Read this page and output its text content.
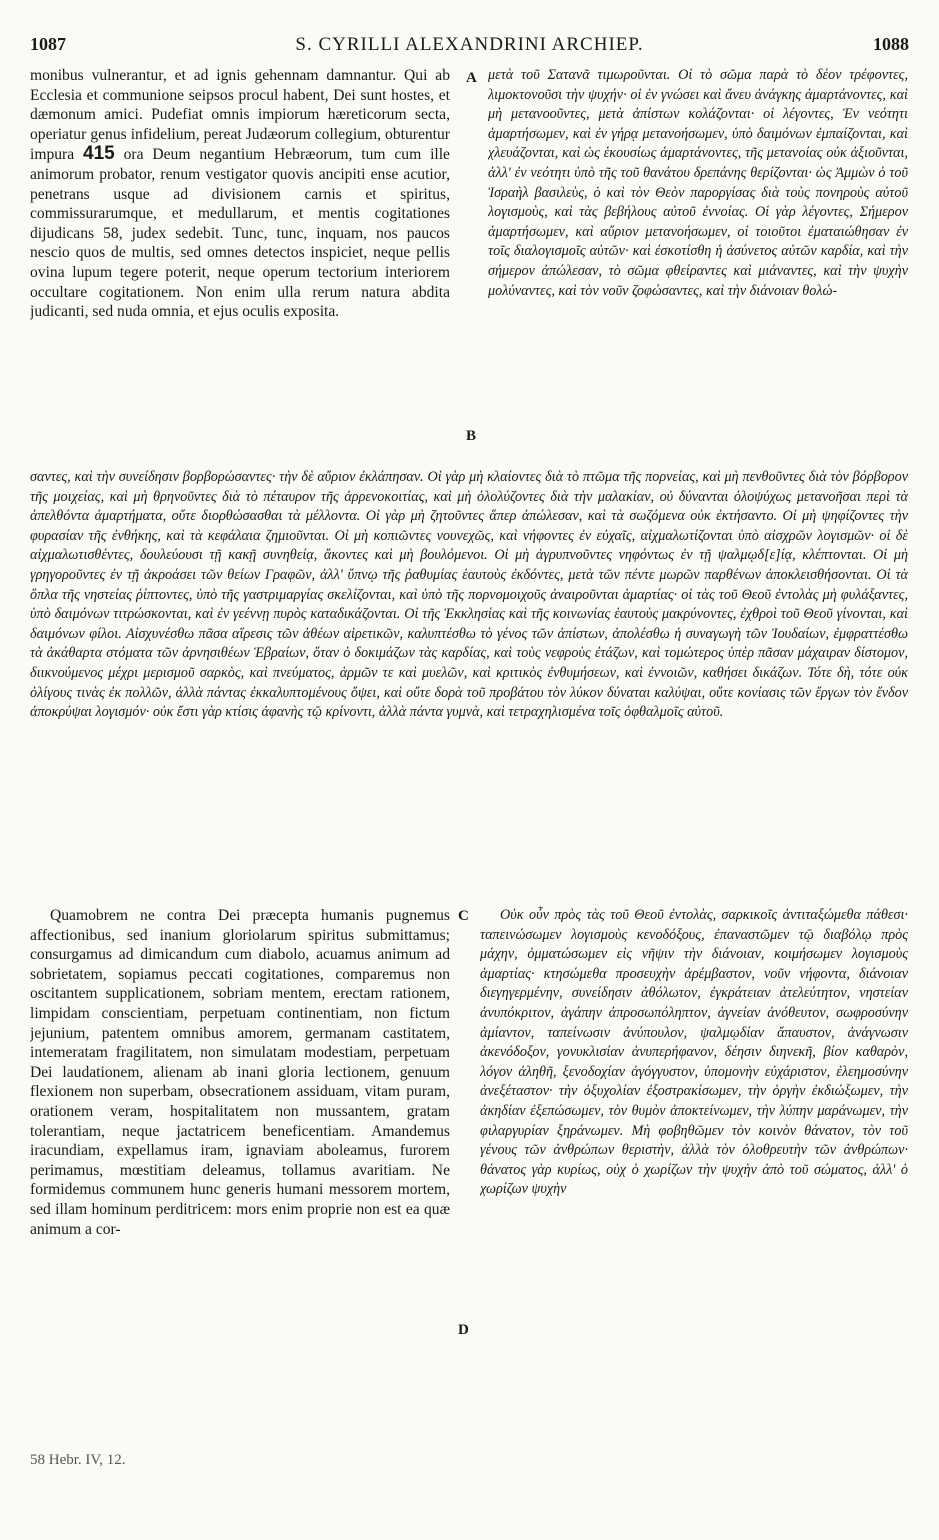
1087	S. CYRILLI ALEXANDRINI ARCHIEP.	1088

monibus vulnerantur, et ad ignis gehennam damnantur. Qui ab Ecclesia et communione seipsos procul habent, Dei sunt hostes, et dæmonum amici. Pudefiat omnis impiorum hæreticorum secta, operiatur genus infidelium, pereat Judæorum collegium, obturentur impura 415 ora Deum negantium Hebræorum, tum cum ille animorum probator, renum vestigator quovis ancipiti ense acutior, penetrans usque ad divisionem carnis et spiritus, commissurarumque, et medullarum, et mentis cogitationes dijudicans 58, judex sedebit. Tunc, tunc, inquam, nos paucos nescio quos de multis, sed omnes detectos inspiciet, neque pellis ovina lupum tegere poterit, neque operum tectorium interiorem occultare cogitationem. Non enim ulla rerum natura abdita judicanti, sed nuda omnia, et ejus oculis exposita.

A
B

μετὰ τοῦ Σατανᾶ τιμωροῦνται. Οἱ τὸ σῶμα παρὰ τὸ δέον τρέφοντες, λιμοκτονοῦσι τὴν ψυχήν· οἱ ἐν γνώσει καὶ ἄνευ ἀνάγκης ἁμαρτάνοντες, καὶ μὴ μετανοοῦντες, μετὰ ἀπίστων κολάζονται· οἱ λέγοντες, Ἐν νεότητι ἁμαρτήσωμεν, καὶ ἐν γήρᾳ μετανοήσωμεν, ὑπὸ δαιμόνων ἐμπαίζονται, καὶ χλευάζονται, καὶ ὡς ἑκουσίως ἁμαρτάνοντες, τῆς μετανοίας οὐκ ἀξιοῦνται, ἀλλ' ἐν νεότητι ὑπὸ τῆς τοῦ θανάτου δρεπάνης θερίζονται· ὡς Ἀμμὼν ὁ τοῦ Ἰσραὴλ βασιλεὺς, ὁ καὶ τὸν Θεὸν παροργίσας διὰ τοὺς πονηροὺς αὐτοῦ λογισμοὺς, καὶ τὰς βεβήλους αὐτοῦ ἐννοίας. Οἱ γὰρ λέγοντες, Σήμερον ἁμαρτήσωμεν, καὶ αὔριον μετανοήσωμεν, οἱ τοιοῦτοι ἐματαιώθησαν ἐν τοῖς διαλογισμοῖς αὐτῶν· καὶ ἐσκοτίσθη ἡ ἀσύνετος αὐτῶν καρδία, καὶ τὴν σήμερον ἀπώλεσαν, τὸ σῶμα φθείραντες καὶ μιάναντες, καὶ τὴν ψυχὴν μολύναντες, καὶ τὸν νοῦν ζοφώσαντες, καὶ τὴν διάνοιαν θολώ-

σαντες, καὶ τὴν συνείδησιν βορβορώσαντες· τὴν δὲ αὔριον ἐκλάπησαν. Οἱ γὰρ μὴ κλαίοντες διὰ τὸ πτῶμα τῆς πορνείας, καὶ μὴ πενθοῦντες διὰ τὸν βόρβορον τῆς μοιχείας, καὶ μὴ θρηνοῦντες διὰ τὸ πέταυρον τῆς ἀρρενοκοιτίας, καὶ μὴ ὀλολύζοντες διὰ τὴν μαλακίαν, οὐ δύνανται ὀλοψύχως μετανοῆσαι περὶ τὰ ἀπελθόντα ἁμαρτήματα, οὔτε διορθώσασθαι τὰ μέλλοντα. Οἱ γὰρ μὴ ζητοῦντες ἅπερ ἀπώλεσαν, καὶ τὰ σωζόμενα οὐκ ἐκτήσαντο. Οἱ μὴ ψηφίζοντες τὴν φυρασίαν τῆς ἐνθήκης, καὶ τὰ κεφάλαια ζημιοῦνται. Οἱ μὴ κοπιῶντες νουνεχῶς, καὶ νήφοντες ἐν εὐχαῖς, αἰχμαλωτίζονται ὑπὸ αἰσχρῶν λογισμῶν· οἱ δὲ αἰχμαλωτισθέντες, δουλεύουσι τῇ κακῇ συνηθείᾳ, ἄκοντες καὶ μὴ βουλόμενοι. Οἱ μὴ ἀγρυπνοῦντες νηφόντως ἐν τῇ ψαλμῳδ[ε]ίᾳ, κλέπτονται. Οἱ μὴ γρηγοροῦντες ἐν τῇ ἀκροάσει τῶν θείων Γραφῶν, ἀλλ' ὕπνῳ τῆς ῥαθυμίας ἑαυτοὺς ἐκδόντες, μετὰ τῶν πέντε μωρῶν παρθένων ἀποκλεισθήσονται. Οἱ τὰ ὅπλα τῆς νηστείας ῥίπτοντες, ὑπὸ τῆς γαστριμαργίας σκελίζονται, καὶ ὑπὸ τῆς πορνομοιχοῦς ἀναιροῦνται ἁμαρτίας· οἱ τὰς τοῦ Θεοῦ ἐντολὰς μὴ φυλάξαντες, ὑπὸ δαιμόνων τιτρώσκονται, καὶ ἐν γεέννῃ πυρὸς καταδικάζονται. Οἱ τῆς Ἐκκλησίας καὶ τῆς κοινωνίας ἑαυτοὺς μακρύνοντες, ἐχθροὶ τοῦ Θεοῦ γίνονται, καὶ δαιμόνων φίλοι. Αἰσχυνέσθω πᾶσα αἵρεσις τῶν ἀθέων αἱρετικῶν, καλυπτέσθω τὸ γένος τῶν ἀπίστων, ἀπολέσθω ἡ συναγωγὴ τῶν Ἰουδαίων, ἐμφραττέσθω τὰ ἀκάθαρτα στόματα τῶν ἀρνησιθέων Ἑβραίων, ὅταν ὁ δοκιμάζων τὰς καρδίας, καὶ τοὺς νεφροὺς ἐτάζων, καὶ τομώτερος ὑπὲρ πᾶσαν μάχαιραν δίστομον, διικνούμενος μέχρι μερισμοῦ σαρκὸς, καὶ πνεύματος, ἁρμῶν τε καὶ μυελῶν, καὶ κριτικὸς ἐνθυμήσεων, καὶ ἐννοιῶν, καθήσει δικάζων. Τότε δὴ, τότε οὐκ ὀλίγους τινὰς ἐκ πολλῶν, ἀλλὰ πάντας ἐκκαλυπτομένους ὄψει, καὶ οὔτε δορὰ τοῦ προβάτου τὸν λύκον δύναται καλύψαι, οὔτε κονίασις τῶν ἔργων τὸν ἔνδον ἀποκρύψαι λογισμόν· οὐκ ἔστι γὰρ κτίσις ἀφανὴς τῷ κρίνοντι, ἀλλὰ πάντα γυμνὰ, καὶ τετραχηλισμένα τοῖς ὀφθαλμοῖς αὐτοῦ.

Quamobrem ne contra Dei præcepta humanis pugnemus affectionibus, sed inanium gloriolarum spiritus submittamus; consurgamus ad dimicandum cum diabolo, acuamus animum ad sobrietatem, sopiamus peccati cogitationes, comparemus non oscitantem supplicationem, sobriam mentem, erectam rationem, limpidam conscientiam, perpetuam continentiam, non fictum jejunium, patentem omnibus amorem, germanam castitatem, intemeratam fragilitatem, non simulatam modestiam, perpetuam Dei laudationem, alienam ab inani gloria lectionem, genuum flexionem non superbam, obsecrationem assiduam, vitam puram, orationem veram, hospitalitatem non mussantem, gratam tolerantiam, neque jactatricem beneficentiam. Amandemus iracundiam, expellamus iram, ignaviam aboleamus, furorem perimamus, mœstitiam deleamus, tollamus avaritiam. Ne formidemus communem hunc generis humani messorem mortem, sed illam hominum perditricem: mors enim proprie non est ea quæ animum a cor-

C
D

Οὐκ οὖν πρὸς τὰς τοῦ Θεοῦ ἐντολὰς, σαρκικοῖς ἀντιταξώμεθα πάθεσι· ταπεινώσωμεν λογισμοὺς κενοδόξους, ἐπαναστῶμεν τῷ διαβόλῳ πρὸς μάχην, ὀμματώσωμεν εἰς νῆψιν τὴν διάνοιαν, κοιμήσωμεν λογισμοὺς ἁμαρτίας· κτησώμεθα προσευχὴν ἀρέμβαστον, νοῦν νήφοντα, διάνοιαν διεγηγερμένην, συνείδησιν ἀθόλωτον, ἐγκράτειαν ἀτελεύτητον, νηστείαν ἀνυπόκριτον, ἀγάπην ἀπροσωπόληπτον, ἁγνείαν ἀνόθευτον, σωφροσύνην ἀμίαντον, ταπείνωσιν ἀνύπουλον, ψαλμῳδίαν ἄπαυστον, ἀνάγνωσιν ἀκενόδοξον, γονυκλισίαν ἀνυπερήφανον, δέησιν διηνεκῆ, βίον καθαρὸν, λόγον ἀληθῆ, ξενοδοχίαν ἀγόγγυστον, ὑπομονὴν εὐχάριστον, ἐλεημοσύνην ἀνεξέταστον· τὴν ὀξυχολίαν ἐξοστρακίσωμεν, τὴν ὀργὴν ἐκδιώξωμεν, τὴν ἀκηδίαν ἐξεπώσωμεν, τὸν θυμὸν ἀποκτείνωμεν, τὴν λύπην μαράνωμεν, τὴν φιλαργυρίαν ξηράνωμεν. Μὴ φοβηθῶμεν τὸν κοινὸν θάνατον, τὸν τοῦ γένους τῶν ἀνθρώπων θεριστὴν, ἀλλὰ τὸν ὀλοθρευτὴν τῶν ἀνθρώπων· θάνατος γὰρ κυρίως, οὐχ ὁ χωρίζων τὴν ψυχὴν ἀπὸ τοῦ σώματος, ἀλλ' ὁ χωρίζων ψυχὴν

58 Hebr. IV, 12.
